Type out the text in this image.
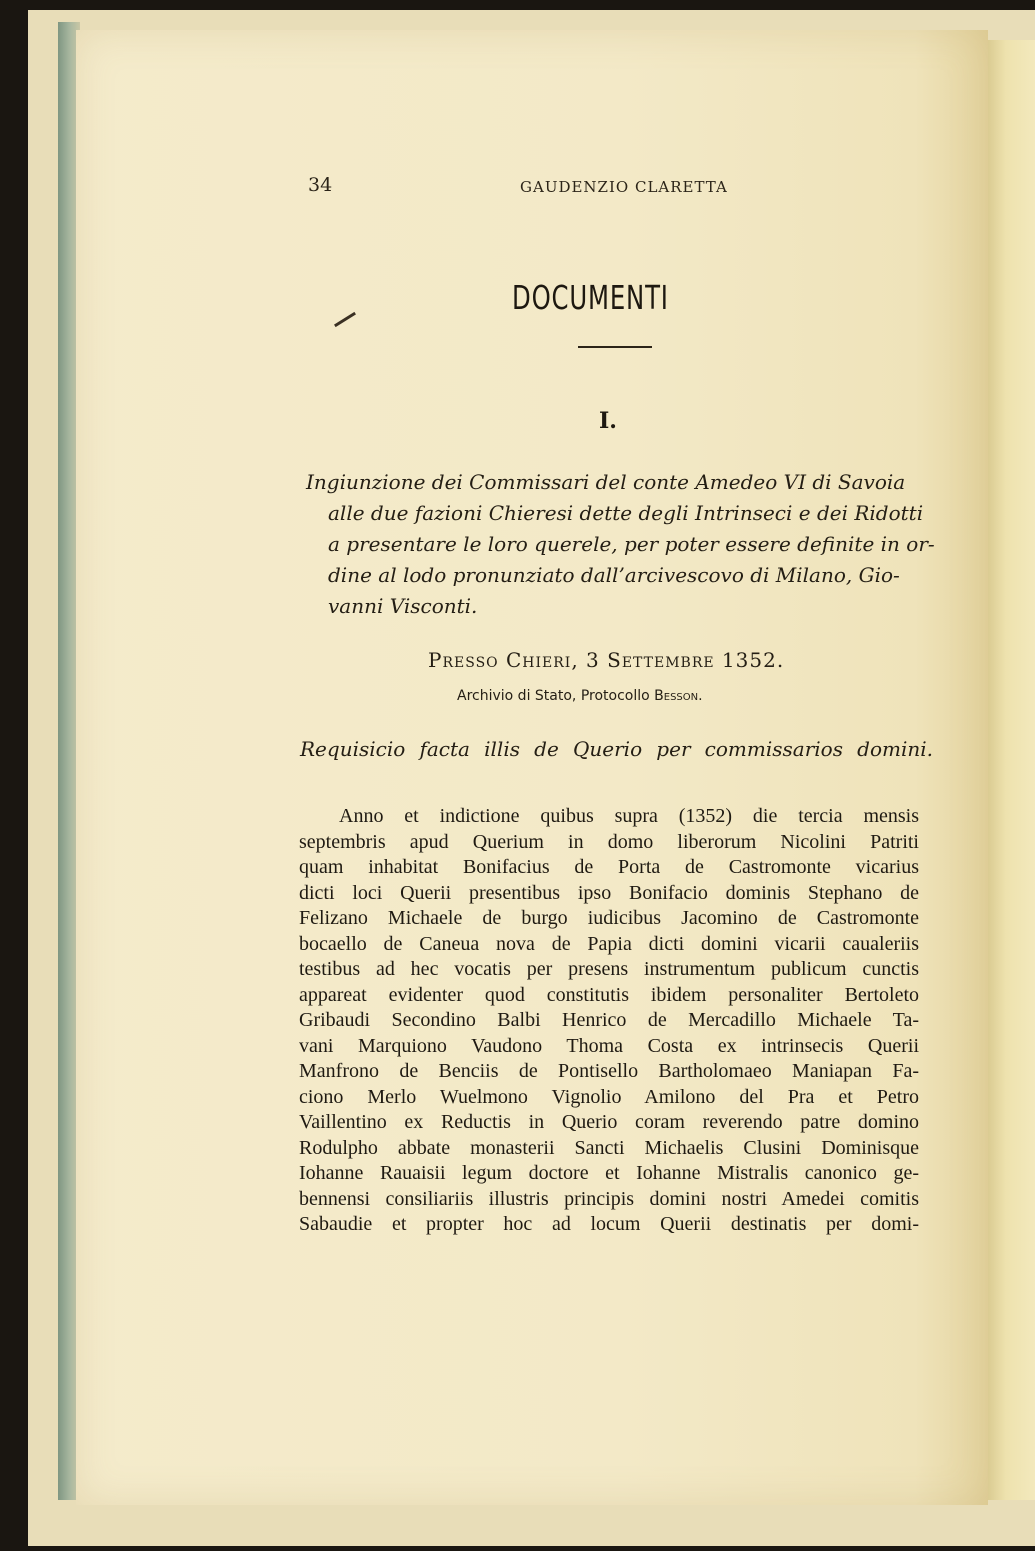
34	GAUDENZIO CLARETTA
DOCUMENTI
I.
Ingiunzione dei Commissari del conte Amedeo VI di Savoia
alle due fazioni Chieresi dette degli Intrinseci e dei Ridotti
a presentare le loro querele, per poter essere definite in or-
dine al lodo pronunziato dall’arcivescovo di Milano, Gio-
vanni Visconti.
Presso Chieri, 3 Settembre 1352.
Archivio di Stato, Protocollo Besson.
Requisicio facta illis de Querio per commissarios domini.
Anno et indictione quibus supra (1352) die tercia mensis
septembris apud Querium in domo liberorum Nicolini Patriti
quam inhabitat Bonifacius de Porta de Castromonte vicarius
dicti loci Querii presentibus ipso Bonifacio dominis Stephano de
Felizano Michaele de burgo iudicibus Jacomino de Castromonte
bocaello de Caneua nova de Papia dicti domini vicarii caualeriis
testibus ad hec vocatis per presens instrumentum publicum cunctis
appareat evidenter quod constitutis ibidem personaliter Bertoleto
Gribaudi Secondino Balbi Henrico de Mercadillo Michaele Ta-
vani Marquiono Vaudono Thoma Costa ex intrinsecis Querii
Manfrono de Benciis de Pontisello Bartholomaeo Maniapan Fa-
ciono Merlo Wuelmono Vignolio Amilono del Pra et Petro
Vaillentino ex Reductis in Querio coram reverendo patre domino
Rodulpho abbate monasterii Sancti Michaelis Clusini Dominisque
Iohanne Rauaisii legum doctore et Iohanne Mistralis canonico ge-
bennensi consiliariis illustris principis domini nostri Amedei comitis
Sabaudie et propter hoc ad locum Querii destinatis per domi-
